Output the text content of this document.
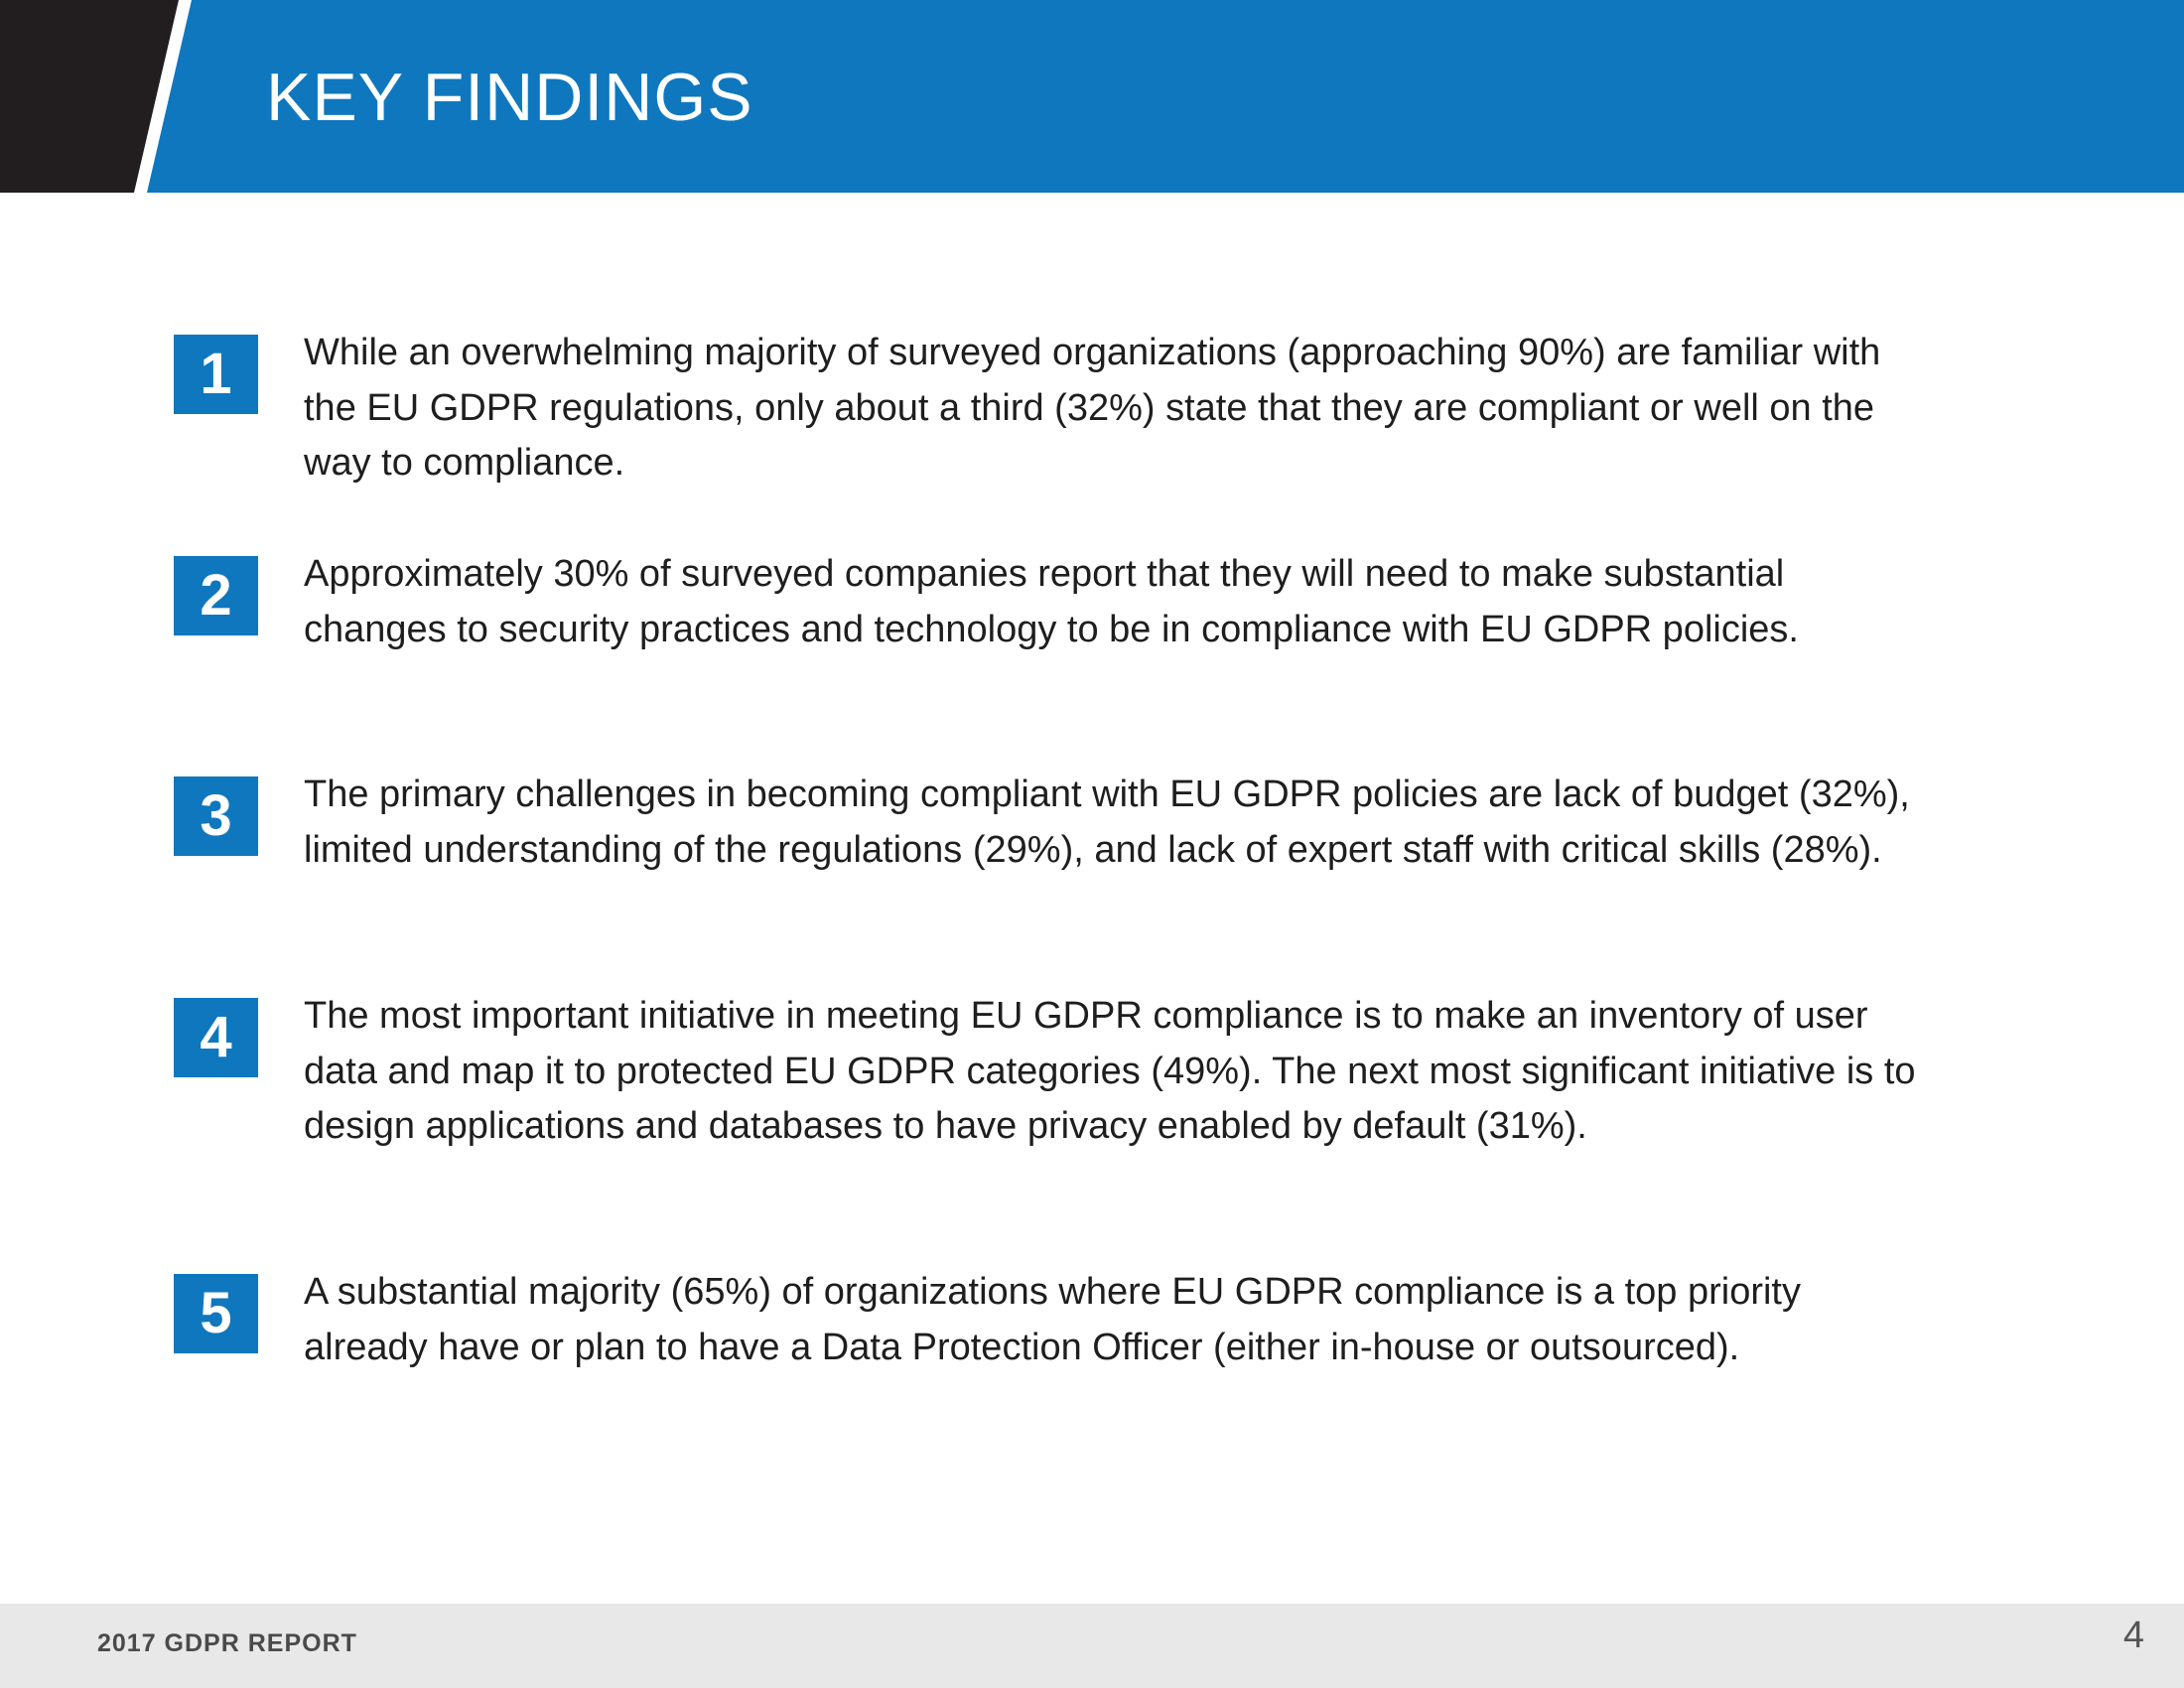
KEY FINDINGS
1	While an overwhelming majority of surveyed organizations (approaching 90%) are familiar with the EU GDPR regulations, only about a third (32%) state that they are compliant or well on the way to compliance.

2	Approximately 30% of surveyed companies report that they will need to make substantial changes to security practices and technology to be in compliance with EU GDPR policies.

3	The primary challenges in becoming compliant with EU GDPR policies are lack of budget (32%), limited understanding of the regulations (29%), and lack of expert staff with critical skills (28%).

4	The most important initiative in meeting EU GDPR compliance is to make an inventory of user data and map it to protected EU GDPR categories (49%). The next most significant initiative is to design applications and databases to have privacy enabled by default (31%).

5	A substantial majority (65%) of organizations where EU GDPR compliance is a top priority already have or plan to have a Data Protection Officer (either in-house or outsourced).

2017 GDPR REPORT	4
